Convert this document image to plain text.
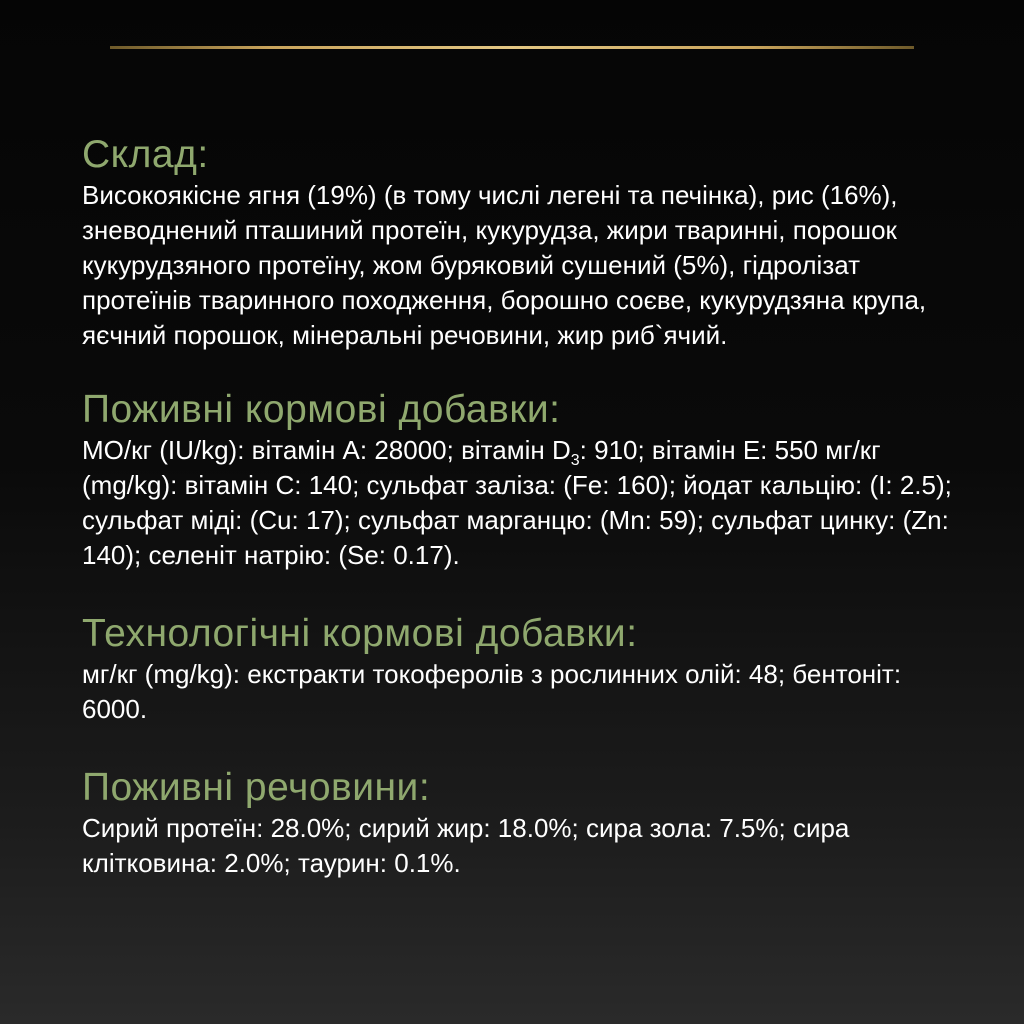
Склад:

Високоякісне ягня (19%) (в тому числі легені та печінка), рис (16%), зневоднений пташиний протеїн, кукурудза, жири тваринні, порошок кукурудзяного протеїну, жом буряковий сушений (5%), гідролізат протеїнів тваринного походження, борошно соєве, кукурудзяна крупа, яєчний порошок, мінеральні речовини, жир риб`ячий.

Поживні кормові добавки:

МО/кг (IU/kg): вітамін А: 28000; вітамін $D_3$: 910; вітамін Е: 550 мг/кг (mg/kg): вітамін С: 140; сульфат заліза: (Fe: 160); йодат кальцію: (I: 2.5); сульфат міді: (Cu: 17); сульфат марганцю: (Mn: 59); сульфат цинку: (Zn: 140); селеніт натрію: (Se: 0.17).

Технологічні кормові добавки:

мг/кг (mg/kg): екстракти токоферолів з рослинних олій: 48; бентоніт: 6000.

Поживні речовини:

Сирий протеїн: 28.0%; сирий жир: 18.0%; сира зола: 7.5%; сира клітковина: 2.0%; таурин: 0.1%.
